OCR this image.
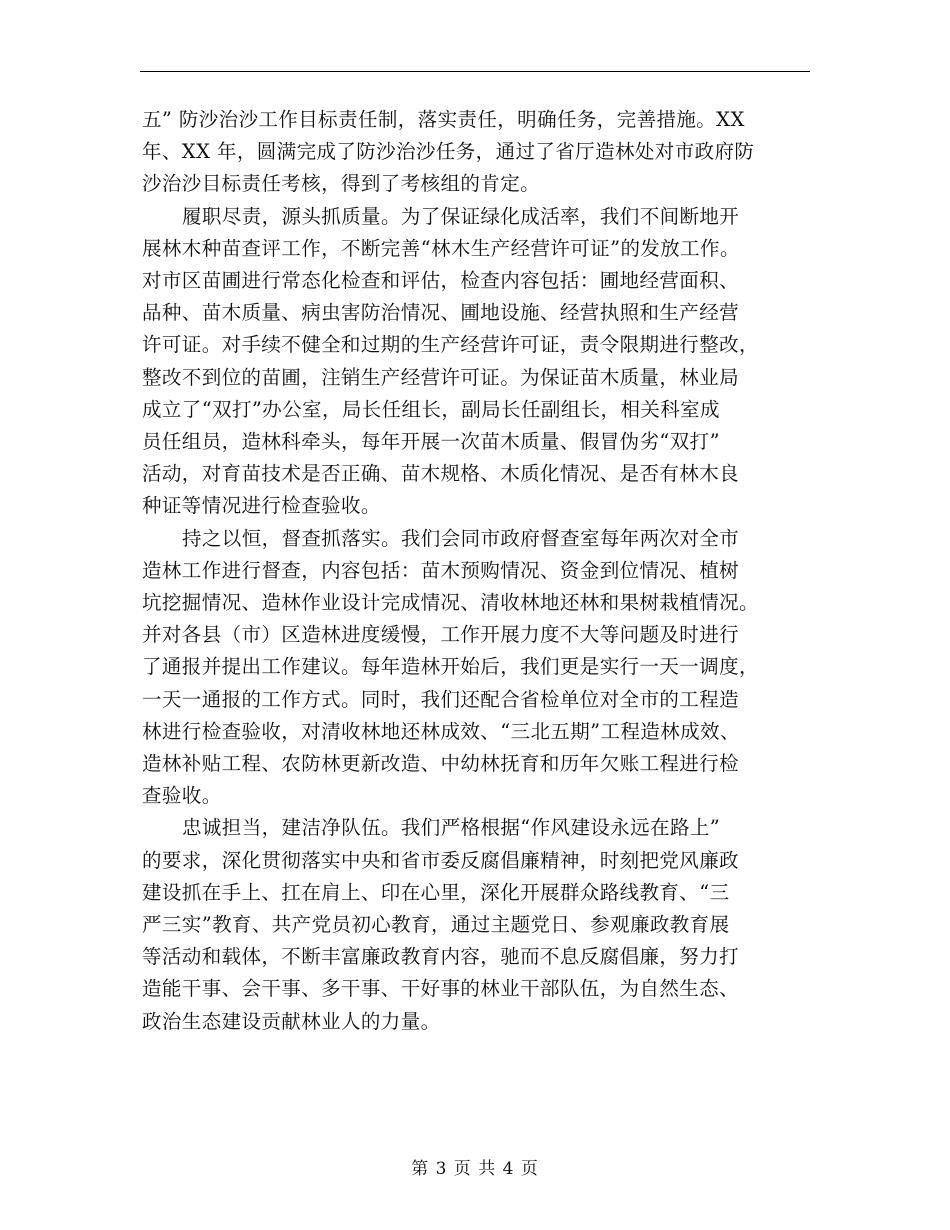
五” 防沙治沙工作目标责任制，落实责任，明确任务，完善措施。XX
年、XX 年，圆满完成了防沙治沙任务，通过了省厅造林处对市政府防
沙治沙目标责任考核，得到了考核组的肯定。
履职尽责，源头抓质量。为了保证绿化成活率，我们不间断地开
展林木种苗查评工作，不断完善“林木生产经营许可证”的发放工作。
对市区苗圃进行常态化检查和评估，检查内容包括：圃地经营面积、
品种、苗木质量、病虫害防治情况、圃地设施、经营执照和生产经营
许可证。对手续不健全和过期的生产经营许可证，责令限期进行整改，
整改不到位的苗圃，注销生产经营许可证。为保证苗木质量，林业局
成立了“双打”办公室，局长任组长，副局长任副组长，相关科室成
员任组员，造林科牵头，每年开展一次苗木质量、假冒伪劣“双打”
活动，对育苗技术是否正确、苗木规格、木质化情况、是否有林木良
种证等情况进行检查验收。
持之以恒，督查抓落实。我们会同市政府督查室每年两次对全市
造林工作进行督查，内容包括：苗木预购情况、资金到位情况、植树
坑挖掘情况、造林作业设计完成情况、清收林地还林和果树栽植情况。
并对各县（市）区造林进度缓慢，工作开展力度不大等问题及时进行
了通报并提出工作建议。每年造林开始后，我们更是实行一天一调度，
一天一通报的工作方式。同时，我们还配合省检单位对全市的工程造
林进行检查验收，对清收林地还林成效、“三北五期”工程造林成效、
造林补贴工程、农防林更新改造、中幼林抚育和历年欠账工程进行检
查验收。
忠诚担当，建洁净队伍。我们严格根据“作风建设永远在路上”
的要求，深化贯彻落实中央和省市委反腐倡廉精神，时刻把党风廉政
建设抓在手上、扛在肩上、印在心里，深化开展群众路线教育、“三
严三实”教育、共产党员初心教育，通过主题党日、参观廉政教育展
等活动和载体，不断丰富廉政教育内容，驰而不息反腐倡廉，努力打
造能干事、会干事、多干事、干好事的林业干部队伍，为自然生态、
政治生态建设贡献林业人的力量。
第 3 页 共 4 页
